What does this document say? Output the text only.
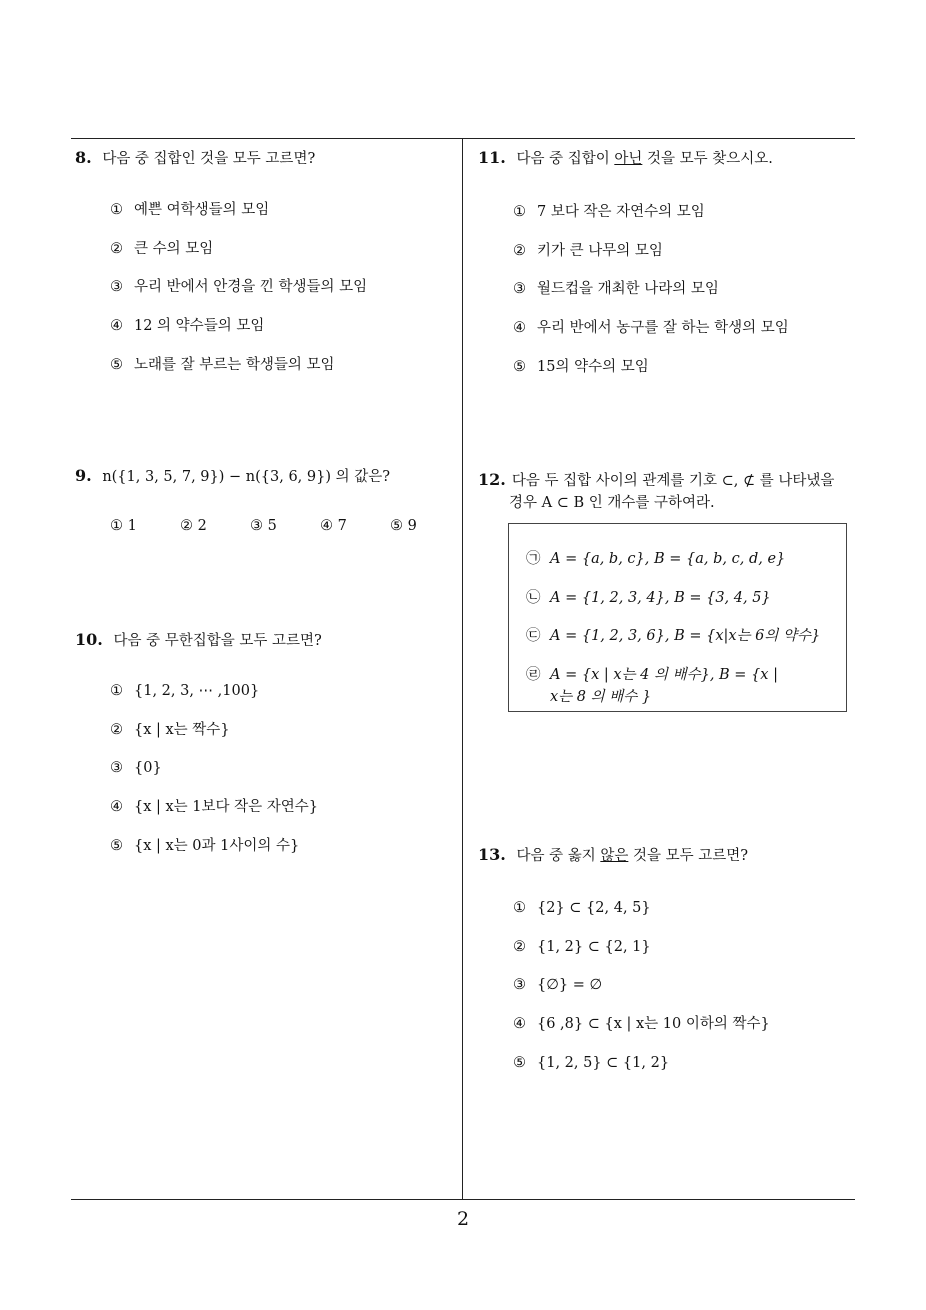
8. 다음 중 집합인 것을 모두 고르면?
① 예쁜 여학생들의 모임
② 큰 수의 모임
③ 우리 반에서 안경을 낀 학생들의 모임
④ 12 의 약수들의 모임
⑤ 노래를 잘 부르는 학생들의 모임
9. n({1, 3, 5, 7, 9}) − n({3, 6, 9}) 의 값은?
① 1	② 2	③ 5	④ 7	⑤ 9
10. 다음 중 무한집합을 모두 고르면?
① {1, 2, 3, ⋯ ,100}
② {x | x는 짝수}
③ {0}
④ {x | x는 1보다 작은 자연수}
⑤ {x | x는 0과 1사이의 수}
11. 다음 중 집합이 아닌 것을 모두 찾으시오.
① 7 보다 작은 자연수의 모임
② 키가 큰 나무의 모임
③ 월드컵을 개최한 나라의 모임
④ 우리 반에서 농구를 잘 하는 학생의 모임
⑤ 15의 약수의 모임
12. 다음 두 집합 사이의 관계를 기호 ⊂, ⊄ 를 나타냈을
경우 A ⊂ B 인 개수를 구하여라.
㉠ A = {a, b, c}, B = {a, b, c, d, e}
㉡ A = {1, 2, 3, 4}, B = {3, 4, 5}
㉢ A = {1, 2, 3, 6}, B = {x|x는 6의 약수}
㉣ A = {x | x는 4 의 배수}, B = {x |
x는 8 의 배수 }
13. 다음 중 옳지 않은 것을 모두 고르면?
① {2} ⊂ {2, 4, 5}
② {1, 2} ⊂ {2, 1}
③ {∅} = ∅
④ {6 ,8} ⊂ {x | x는 10 이하의 짝수}
⑤ {1, 2, 5} ⊂ {1, 2}
2
